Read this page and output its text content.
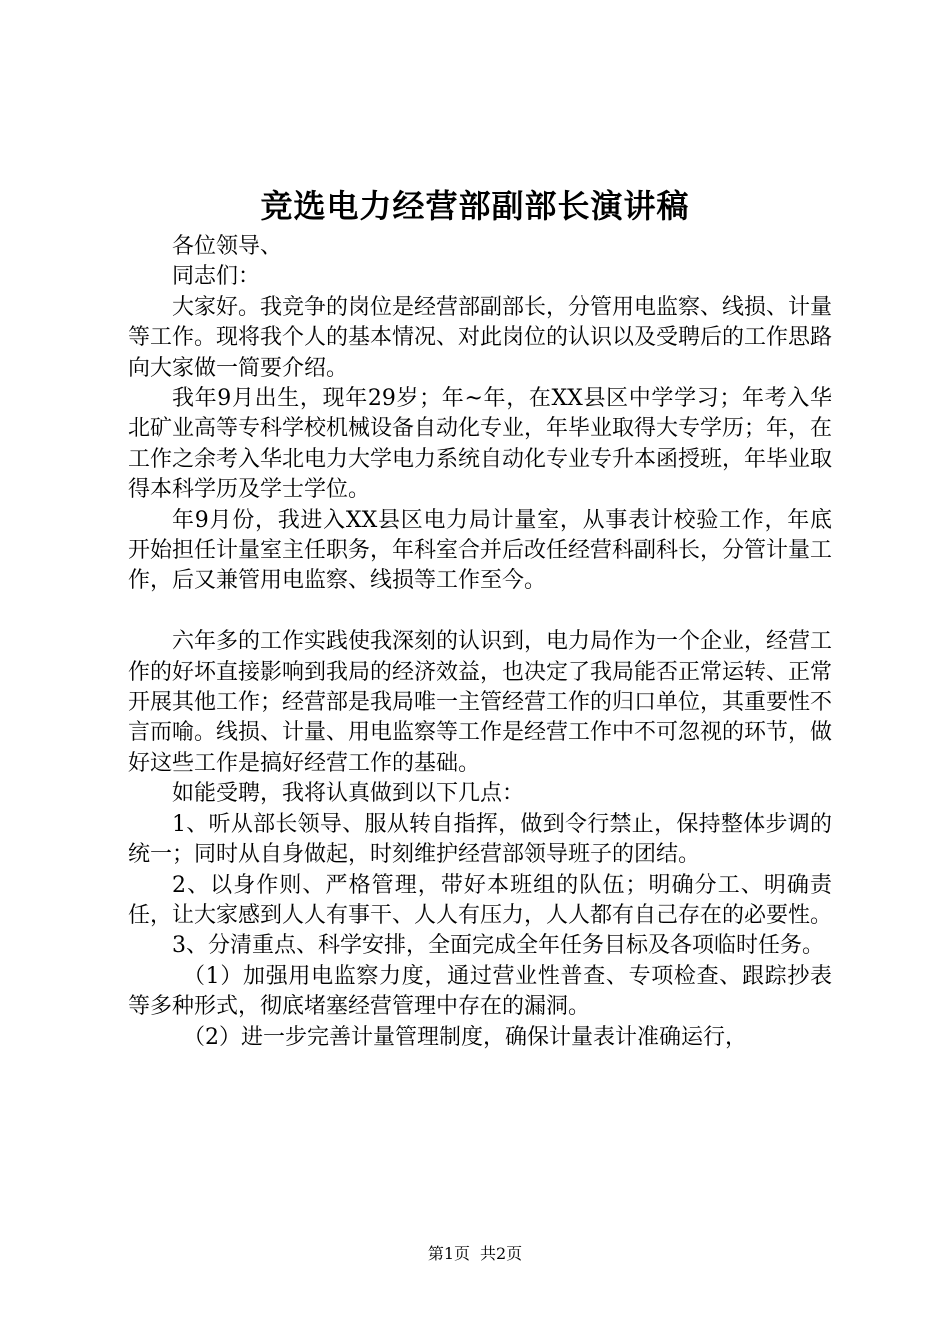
竞选电力经营部副部长演讲稿

各位领导、

同志们：

大家好。我竞争的岗位是经营部副部长，分管用电监察、线损、计量等工作。现将我个人的基本情况、对此岗位的认识以及受聘后的工作思路向大家做一简要介绍。

我年9月出生，现年29岁；年~年，在XX县区中学学习；年考入华北矿业高等专科学校机械设备自动化专业，年毕业取得大专学历；年，在工作之余考入华北电力大学电力系统自动化专业专升本函授班，年毕业取得本科学历及学士学位。

年9月份，我进入XX县区电力局计量室，从事表计校验工作，年底开始担任计量室主任职务，年科室合并后改任经营科副科长，分管计量工作，后又兼管用电监察、线损等工作至今。

六年多的工作实践使我深刻的认识到，电力局作为一个企业，经营工作的好坏直接影响到我局的经济效益，也决定了我局能否正常运转、正常开展其他工作；经营部是我局唯一主管经营工作的归口单位，其重要性不言而喻。线损、计量、用电监察等工作是经营工作中不可忽视的环节，做好这些工作是搞好经营工作的基础。

如能受聘，我将认真做到以下几点：

1、听从部长领导、服从转自指挥，做到令行禁止，保持整体步调的统一；同时从自身做起，时刻维护经营部领导班子的团结。

2、以身作则、严格管理，带好本班组的队伍；明确分工、明确责任，让大家感到人人有事干、人人有压力，人人都有自己存在的必要性。

3、分清重点、科学安排，全面完成全年任务目标及各项临时任务。

（1）加强用电监察力度，通过营业性普查、专项检查、跟踪抄表等多种形式，彻底堵塞经营管理中存在的漏洞。

（2）进一步完善计量管理制度，确保计量表计准确运行，

第1页 共2页
